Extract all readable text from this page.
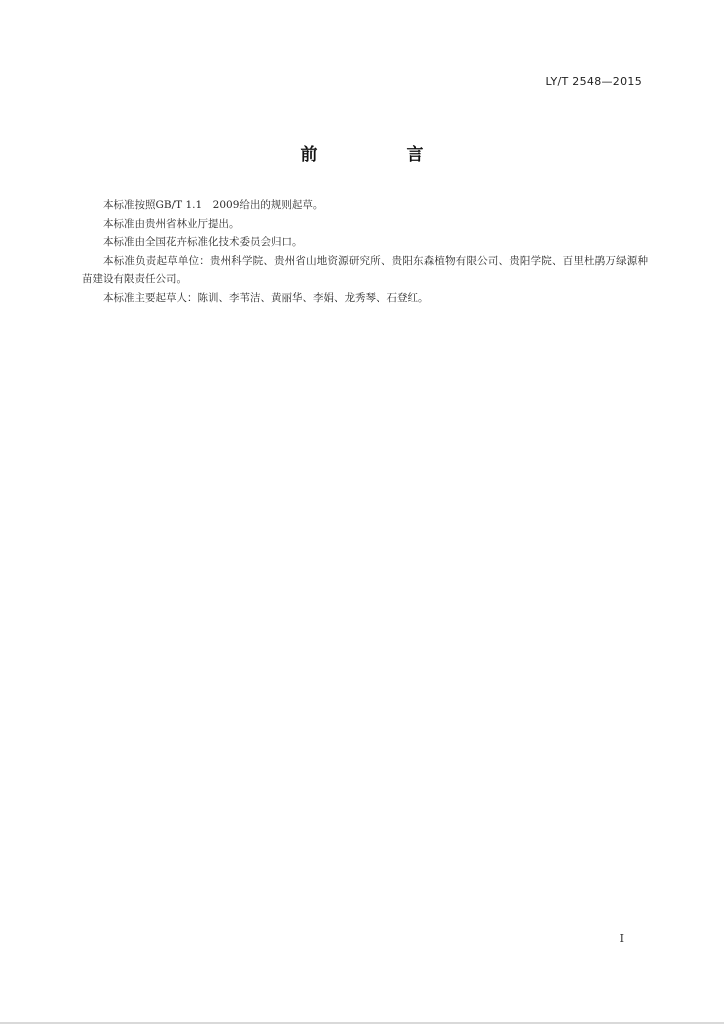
LY/T 2548—2015
前　言

本标准按照GB/T 1.1　2009给出的规则起草。

本标准由贵州省林业厅提出。

本标准由全国花卉标准化技术委员会归口。

本标准负责起草单位：贵州科学院、贵州省山地资源研究所、贵阳东森植物有限公司、贵阳学院、百里杜鹃万绿源种苗建设有限责任公司。

本标准主要起草人：陈训、李苇洁、黄丽华、李娟、龙秀琴、石登红。

I
